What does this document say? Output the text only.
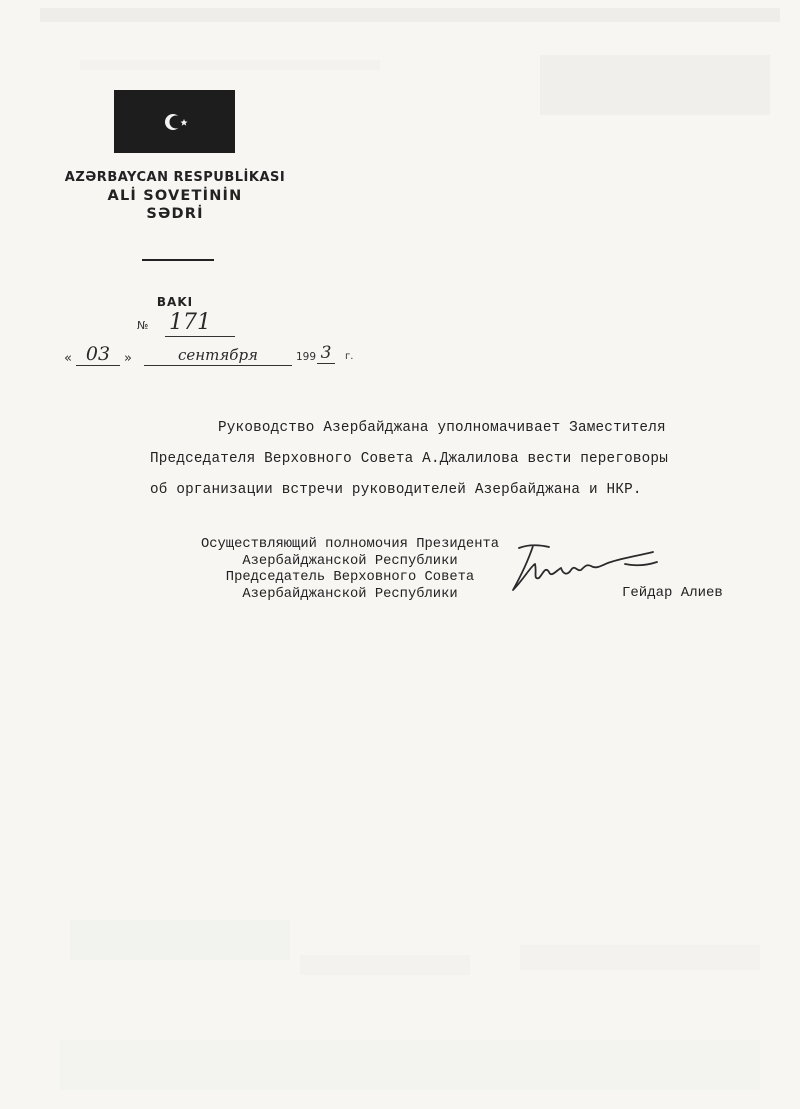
AZƏRBAYCAN RESPUBLİKASI
ALİ SOVETİNİN
SƏDRİ
BAKI
№ 171
« 03	»	сентября	199 3	г.
Руководство Азербайджана уполномачивает Заместителя
Председателя Верховного Совета А.Джалилова вести переговоры
об организации встречи руководителей Азербайджана и НКР.
Осуществляющий полномочия Президента
Азербайджанской Республики
Председатель Верховного Совета
Азербайджанской Республики	Гейдар Алиев
